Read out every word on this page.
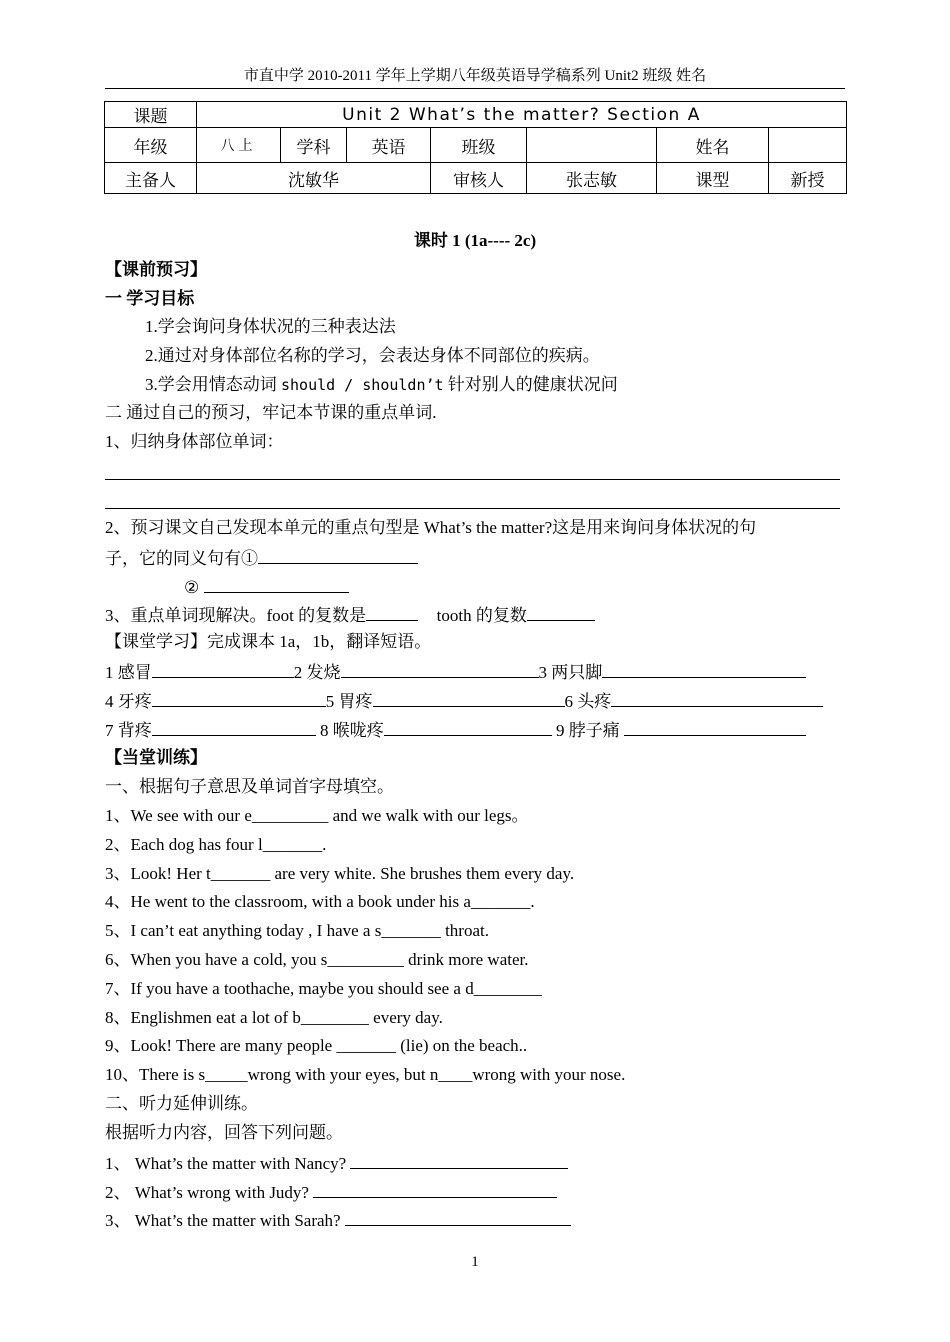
市直中学 2010-2011 学年上学期八年级英语导学稿系列 Unit2 班级 姓名
课题	Unit 2 What’s the matter? Section A						
年级	八上	学科	英语	班级		姓名	
主备人	沈敏华			审核人	张志敏	课型	新授
课时 1 (1a---- 2c)
【课前预习】
一 学习目标
1.学会询问身体状况的三种表达法
2.通过对身体部位名称的学习，会表达身体不同部位的疾病。
3.学会用情态动词 should / shouldn’t 针对别人的健康状况问
二 通过自己的预习，牢记本节课的重点单词.
1、归纳身体部位单词：
2、预习课文自己发现本单元的重点句型是 What’s the matter?这是用来询问身体状况的句
子，它的同义句有①
②
3、重点单词现解决。foot 的复数是	tooth 的复数
【课堂学习】完成课本 1a，1b，翻译短语。
1 感冒	2 发烧	3 两只脚
4 牙疼	5 胃疼	6 头疼
7 背疼	8 喉咙疼	9 脖子痛
【当堂训练】
一、根据句子意思及单词首字母填空。
1、We see with our e_________ and we walk with our legs。
2、Each dog has four l_______.
3、Look! Her t_______ are very white. She brushes them every day.
4、He went to the classroom, with a book under his a_______.
5、I can’t eat anything today , I have a s_______ throat.
6、When you have a cold, you s_________ drink more water.
7、If you have a toothache, maybe you should see a d________
8、Englishmen eat a lot of b________ every day.
9、Look! There are many people _______ (lie) on the beach..
10、There is s_____wrong with your eyes, but n____wrong with your nose.
二、听力延伸训练。
根据听力内容，回答下列问题。
1、 What’s the matter with Nancy?
2、 What’s wrong with Judy?
3、 What’s the matter with Sarah?
1
